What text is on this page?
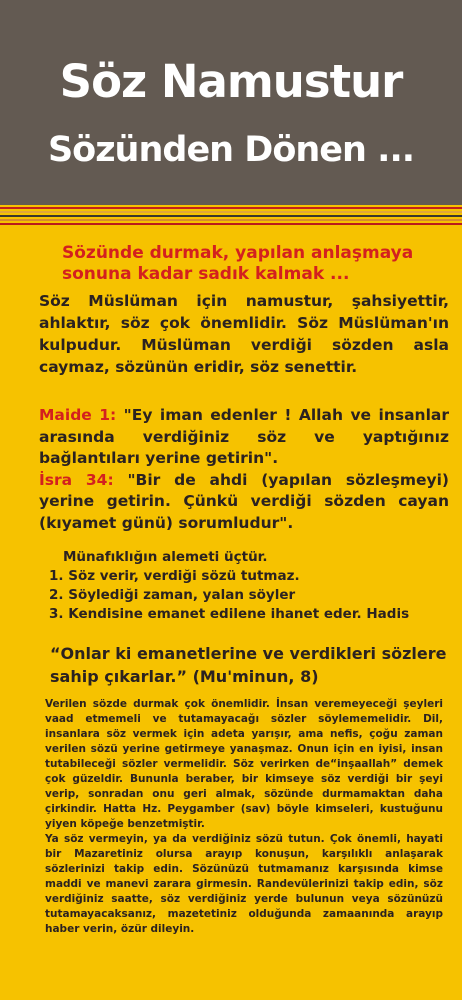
Söz Namustur
Sözünden Dönen ...
Sözünde durmak, yapılan anlaşmaya sonuna kadar sadık kalmak ...
Söz Müslüman için namustur, şahsiyettir, ahlaktır, söz çok önemlidir. Söz Müslüman'ın kulpudur. Müslüman verdiği sözden asla caymaz, sözünün eridir, söz senettir.
Maide 1: "Ey iman edenler ! Allah ve insanlar arasında verdiğiniz söz ve yaptığınız bağlantıları yerine getirin".
İsra 34: "Bir de ahdi (yapılan sözleşmeyi) yerine getirin. Çünkü verdiği sözden cayan (kıyamet günü) sorumludur".
Münafıklığın alemeti üçtür.
1. Söz verir, verdiği sözü tutmaz.
2. Söylediği zaman, yalan söyler
3. Kendisine emanet edilene ihanet eder. Hadis
“Onlar ki emanetlerine ve verdikleri sözlere sahip çıkarlar.” (Mu'minun, 8)
Verilen sözde durmak çok önemlidir. İnsan veremeyeceği şeyleri vaad etmemeli ve tutamayacağı sözler söylememelidir. Dil, insanlara söz vermek için adeta yarışır, ama nefis, çoğu zaman verilen sözü yerine getirmeye yanaşmaz. Onun için en iyisi, insan tutabileceği sözler vermelidir. Söz verirken de“inşaallah” demek çok güzeldir. Bununla beraber, bir kimseye söz verdiği bir şeyi verip, sonradan onu geri almak, sözünde durmamaktan daha çirkindir. Hatta Hz. Peygamber (sav) böyle kimseleri, kustuğunu yiyen köpeğe benzetmiştir.
Ya söz vermeyin, ya da verdiğiniz sözü tutun. Çok önemli, hayati bir Mazaretiniz olursa arayıp konuşun, karşılıklı anlaşarak sözlerinizi takip edin. Sözünüzü tutmamanız karşısında kimse maddi ve manevi zarara girmesin. Randevülerinizi takip edin, söz verdiğiniz saatte, söz verdiğiniz yerde bulunun veya sözünüzü tutamayacaksanız, mazetetiniz olduğunda zamaanında arayıp haber verin, özür dileyin.
